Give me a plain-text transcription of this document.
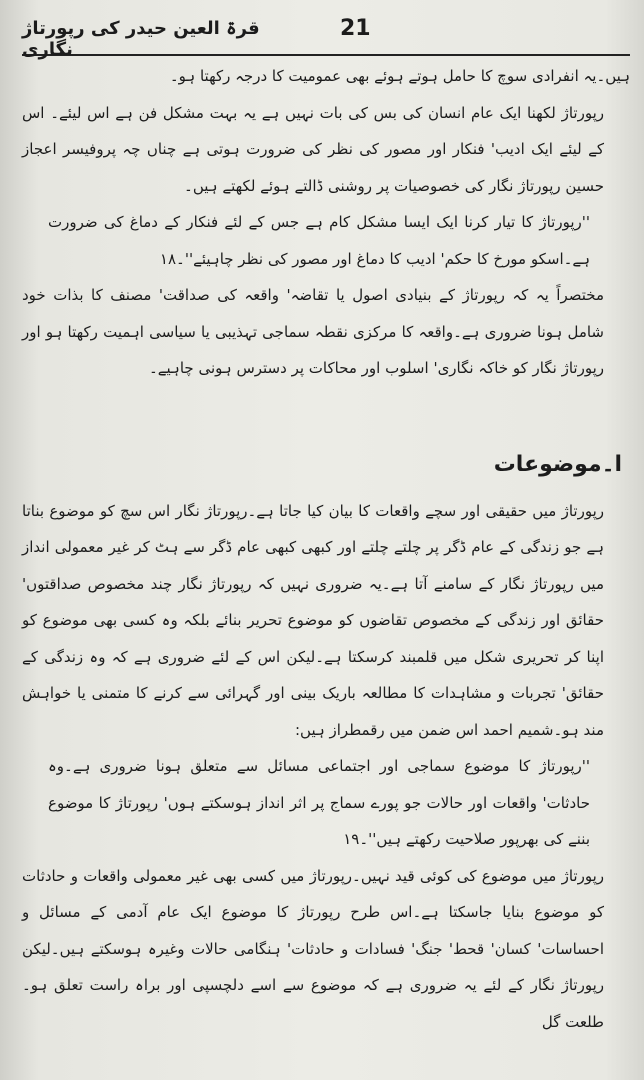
21
قرۃ العین حیدر کی رپورتاژ نگاری

ہیں۔یہ انفرادی سوچ کا حامل ہوتے ہوئے بھی عمومیت کا درجہ رکھتا ہو۔

رپورتاژ لکھنا ایک عام انسان کی بس کی بات نہیں ہے یہ بہت مشکل فن ہے اس لیئے۔ اس کے لیئے ایک ادیب' فنکار اور مصور کی نظر کی ضرورت ہوتی ہے چناں چہ پروفیسر اعجاز حسین رپورتاژ نگار کی خصوصیات پر روشنی ڈالتے ہوئے لکھتے ہیں۔

''رپورتاژ کا تیار کرنا ایک ایسا مشکل کام ہے جس کے لئے فنکار کے دماغ کی ضرورت ہے۔اسکو مورخ کا حکم' ادیب کا دماغ اور مصور کی نظر چاہیئے''۔۱۸

مختصراً یہ کہ رپورتاژ کے بنیادی اصول یا تقاضہ' واقعہ کی صداقت' مصنف کا بذات خود شامل ہونا ضروری ہے۔واقعہ کا مرکزی نقطہ سماجی تہذیبی یا سیاسی اہمیت رکھتا ہو اور رپورتاژ نگار کو خاکہ نگاری' اسلوب اور محاکات پر دسترس ہونی چاہیے۔

ا۔موضوعات

رپورتاژ میں حقیقی اور سچے واقعات کا بیان کیا جاتا ہے۔رپورتاژ نگار اس سچ کو موضوع بناتا ہے جو زندگی کے عام ڈگر پر چلتے چلتے اور کبھی کبھی عام ڈگر سے ہٹ کر غیر معمولی انداز میں رپورتاژ نگار کے سامنے آتا ہے۔یہ ضروری نہیں کہ رپورتاژ نگار چند مخصوص صداقتوں' حقائق اور زندگی کے مخصوص تقاضوں کو موضوع تحریر بنائے بلکہ وہ کسی بھی موضوع کو اپنا کر تحریری شکل میں قلمبند کرسکتا ہے۔لیکن اس کے لئے ضروری ہے کہ وہ زندگی کے حقائق' تجربات و مشاہدات کا مطالعہ باریک بینی اور گہرائی سے کرنے کا متمنی یا خواہش مند ہو۔شمیم احمد اس ضمن میں رقمطراز ہیں:

''رپورتاژ کا موضوع سماجی اور اجتماعی مسائل سے متعلق ہونا ضروری ہے۔وہ حادثات' واقعات اور حالات جو پورے سماج پر اثر انداز ہوسکتے ہوں' رپورتاژ کا موضوع بننے کی بھرپور صلاحیت رکھتے ہیں''۔۱۹

رپورتاژ میں موضوع کی کوئی قید نہیں۔رپورتاژ میں کسی بھی غیر معمولی واقعات و حادثات کو موضوع بنایا جاسکتا ہے۔اس طرح رپورتاژ کا موضوع ایک عام آدمی کے مسائل و احساسات' کسان' قحط' جنگ' فسادات و حادثات' ہنگامی حالات وغیرہ ہوسکتے ہیں۔لیکن رپورتاژ نگار کے لئے یہ ضروری ہے کہ موضوع سے اسے دلچسپی اور براہ راست تعلق ہو۔طلعت گل
